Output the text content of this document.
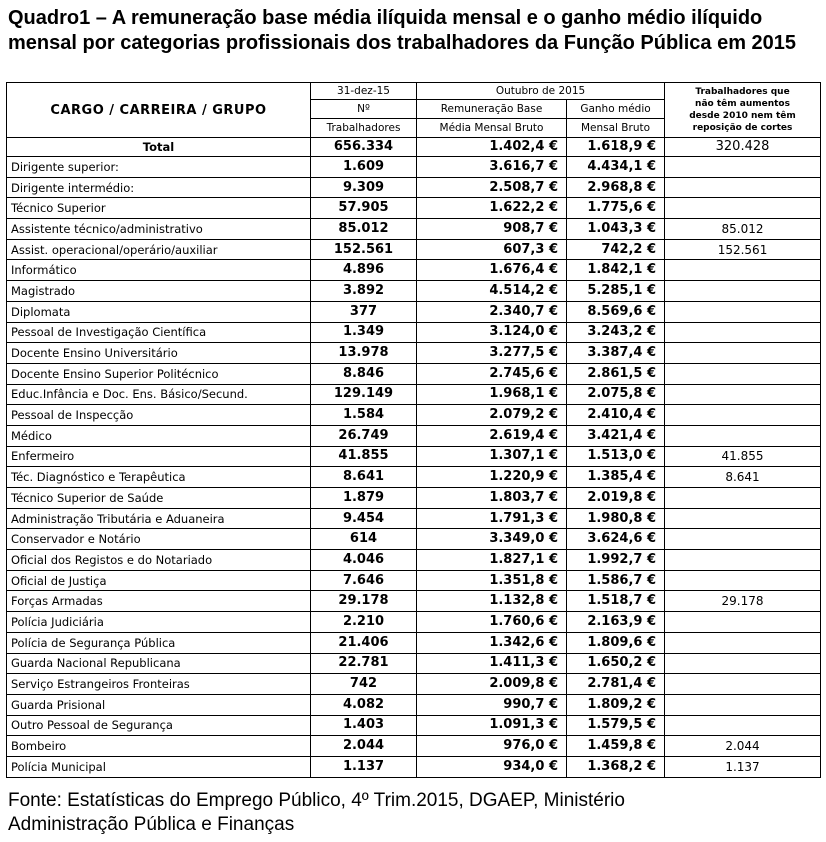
Quadro1 – A remuneração base média ilíquida mensal e o ganho médio ilíquido mensal por categorias profissionais dos trabalhadores da Função Pública em 2015
CARGO / CARREIRA / GRUPO	31-dez-15	Outubro de 2015		Trabalhadores que
não têm aumentos
desde 2010 nem têm
reposição de cortes

	Nº	Remuneração Base	Ganho médio	
	Trabalhadores	Média Mensal Bruto	Mensal Bruto	
Total	656.334	1.402,4 €	1.618,9 €	320.428
Dirigente superior:	1.609	3.616,7 €	4.434,1 €	
Dirigente intermédio:	9.309	2.508,7 €	2.968,8 €	
Técnico Superior	57.905	1.622,2 €	1.775,6 €	
Assistente técnico/administrativo	85.012	908,7 €	1.043,3 €	85.012
Assist. operacional/operário/auxiliar	152.561	607,3 €	742,2 €	152.561
Informático	4.896	1.676,4 €	1.842,1 €	
Magistrado	3.892	4.514,2 €	5.285,1 €	
Diplomata	377	2.340,7 €	8.569,6 €	
Pessoal de Investigação Científica	1.349	3.124,0 €	3.243,2 €	
Docente Ensino Universitário	13.978	3.277,5 €	3.387,4 €	
Docente Ensino Superior Politécnico	8.846	2.745,6 €	2.861,5 €	
Educ.Infância e Doc. Ens. Básico/Secund.	129.149	1.968,1 €	2.075,8 €	
Pessoal de Inspecção	1.584	2.079,2 €	2.410,4 €	
Médico	26.749	2.619,4 €	3.421,4 €	
Enfermeiro	41.855	1.307,1 €	1.513,0 €	41.855
Téc. Diagnóstico e Terapêutica	8.641	1.220,9 €	1.385,4 €	8.641
Técnico Superior de Saúde	1.879	1.803,7 €	2.019,8 €	
Administração Tributária e Aduaneira	9.454	1.791,3 €	1.980,8 €	
Conservador e Notário	614	3.349,0 €	3.624,6 €	
Oficial dos Registos e do Notariado	4.046	1.827,1 €	1.992,7 €	
Oficial de Justiça	7.646	1.351,8 €	1.586,7 €	
Forças Armadas	29.178	1.132,8 €	1.518,7 €	29.178
Polícia Judiciária	2.210	1.760,6 €	2.163,9 €	
Polícia de Segurança Pública	21.406	1.342,6 €	1.809,6 €	
Guarda Nacional Republicana	22.781	1.411,3 €	1.650,2 €	
Serviço Estrangeiros Fronteiras	742	2.009,8 €	2.781,4 €	
Guarda Prisional	4.082	990,7 €	1.809,2 €	
Outro Pessoal de Segurança	1.403	1.091,3 €	1.579,5 €	
Bombeiro	2.044	976,0 €	1.459,8 €	2.044
Polícia Municipal	1.137	934,0 €	1.368,2 €	1.137
Fonte: Estatísticas do Emprego Público, 4º Trim.2015, DGAEP, Ministério
Administração Pública e Finanças
